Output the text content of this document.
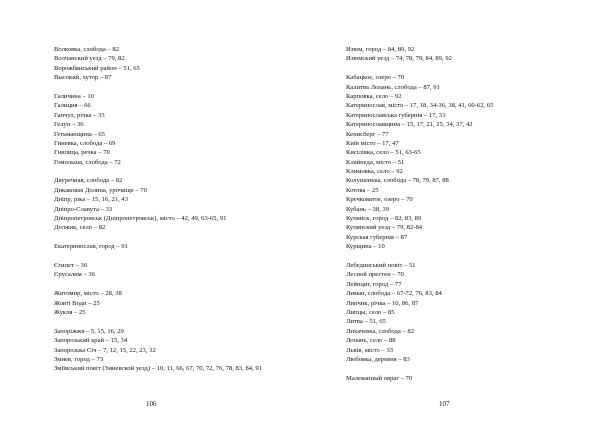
Волковка, слобода – 82
Волчанский уезд – 79, 82
Ворожбянський район – 51, 65
Высокий, хутор – 87
Галичина – 10
Галиция – 66
Ганчул, річка – 33
Гелун – 36
Гетьманщина – 65
Гиневка, слобода – 69
Гнилица, речка – 70
Гомольша, слобода – 72
Двуречная, слобода – 82
Дикаковая Долина, урочище – 70
Дніпр, ріка – 15, 16, 21, 43
Дніпро-Славута – 33
Дніпропетровськ (Дніпропетровськ), місто – 42, 49, 63-65, 91
Должик, село – 82
Екатеринослав, город – 91
Єгипет – 36
Єрусалим – 36
Житомир, місто – 28, 38
Жовті Води – 25
Жукля – 25
Запоріжжя – 5, 15, 16, 29
Запорозький край – 15, 34
Запорозька Січ – 7, 12, 15, 22, 23, 32
Змиев, город – 73
Зміївський повіт (Змиевской уезд) – 10, 11, 66, 67, 70, 72, 76, 78, 83, 84, 91
106
Изюм, город – 84, 89, 92
Изюмский уезд – 74, 78, 79, 84, 89, 92
Кабацкое, озеро – 70
Калитва Лопань, слобода – 87, 91
Карповка, село – 92
Катеринослав, місто – 17, 18, 34-36, 38, 41, 60-62, 65
Катеринославська губернія – 17, 33
Катеринославщина – 15, 17, 21, 25, 34, 37, 42
Кенисберг – 77
Київ місто – 17, 47
Кисілівка, село – 51, 63-65
Клайпеда, місто – 51
Климовка, село – 92
Колушенька, слобода – 78, 79, 87, 88
Котова – 25
Кречковатое, озеро – 70
Кубань – 38, 39
Купянск, город – 82, 83, 89
Купянский уезд – 79, 82-84
Курская губернія – 87
Курщина – 10
Лебединський повіт – 51
Лесной престен – 70
Лейпциг, город – 77
Лиман, слобода – 67-72, 76, 83, 84
Липчик, річка – 10, 86, 87
Липцы, село – 85
Литва – 51, 65
Лихачевка, слобода – 82
Лопань, село – 88
Львів, місто – 33
Любовка, деревня – 83
Малеванный овраг – 70
107
